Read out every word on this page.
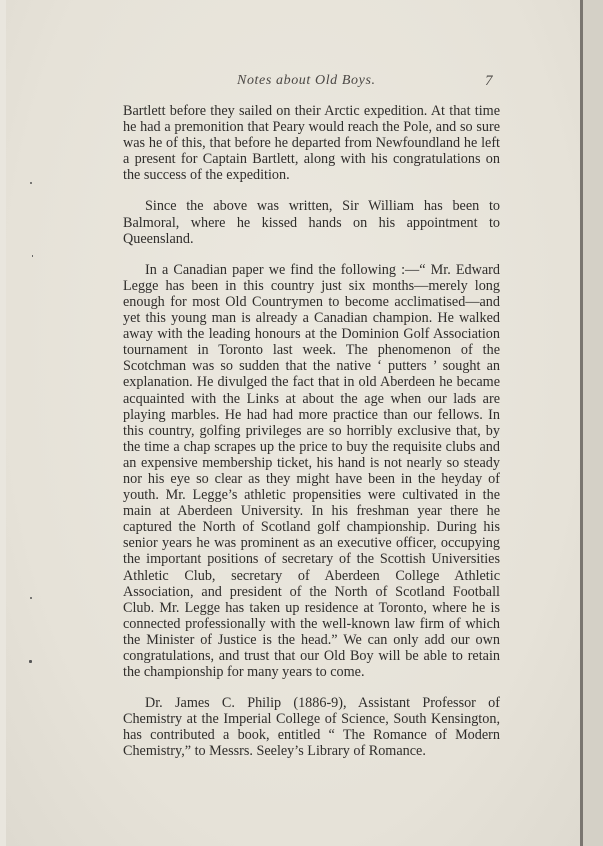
Notes about Old Boys.	7

Bartlett before they sailed on their Arctic expedition. At that time he had a premonition that Peary would reach the Pole, and so sure was he of this, that before he departed from Newfoundland he left a present for Captain Bartlett, along with his congratulations on the success of the expedition.

Since the above was written, Sir William has been to Balmoral, where he kissed hands on his appointment to Queensland.

In a Canadian paper we find the following :—“ Mr. Edward Legge has been in this country just six months—merely long enough for most Old Countrymen to become acclimatised—and yet this young man is already a Canadian champion. He walked away with the leading honours at the Dominion Golf Association tournament in Toronto last week. The phenomenon of the Scotchman was so sudden that the native ‘ putters ’ sought an explanation. He divulged the fact that in old Aberdeen he became acquainted with the Links at about the age when our lads are playing marbles. He had had more practice than our fellows. In this country, golfing privileges are so horribly exclusive that, by the time a chap scrapes up the price to buy the requisite clubs and an expensive membership ticket, his hand is not nearly so steady nor his eye so clear as they might have been in the heyday of youth. Mr. Legge’s athletic propensities were cultivated in the main at Aberdeen University. In his freshman year there he captured the North of Scotland golf championship. During his senior years he was prominent as an executive officer, occupying the important positions of secretary of the Scottish Universities Athletic Club, secretary of Aberdeen College Athletic Association, and president of the North of Scotland Football Club. Mr. Legge has taken up residence at Toronto, where he is connected professionally with the well-known law firm of which the Minister of Justice is the head.” We can only add our own congratulations, and trust that our Old Boy will be able to retain the championship for many years to come.

Dr. James C. Philip (1886-9), Assistant Professor of Chemistry at the Imperial College of Science, South Kensington, has contributed a book, entitled “ The Romance of Modern Chemistry,” to Messrs. Seeley’s Library of Romance.
